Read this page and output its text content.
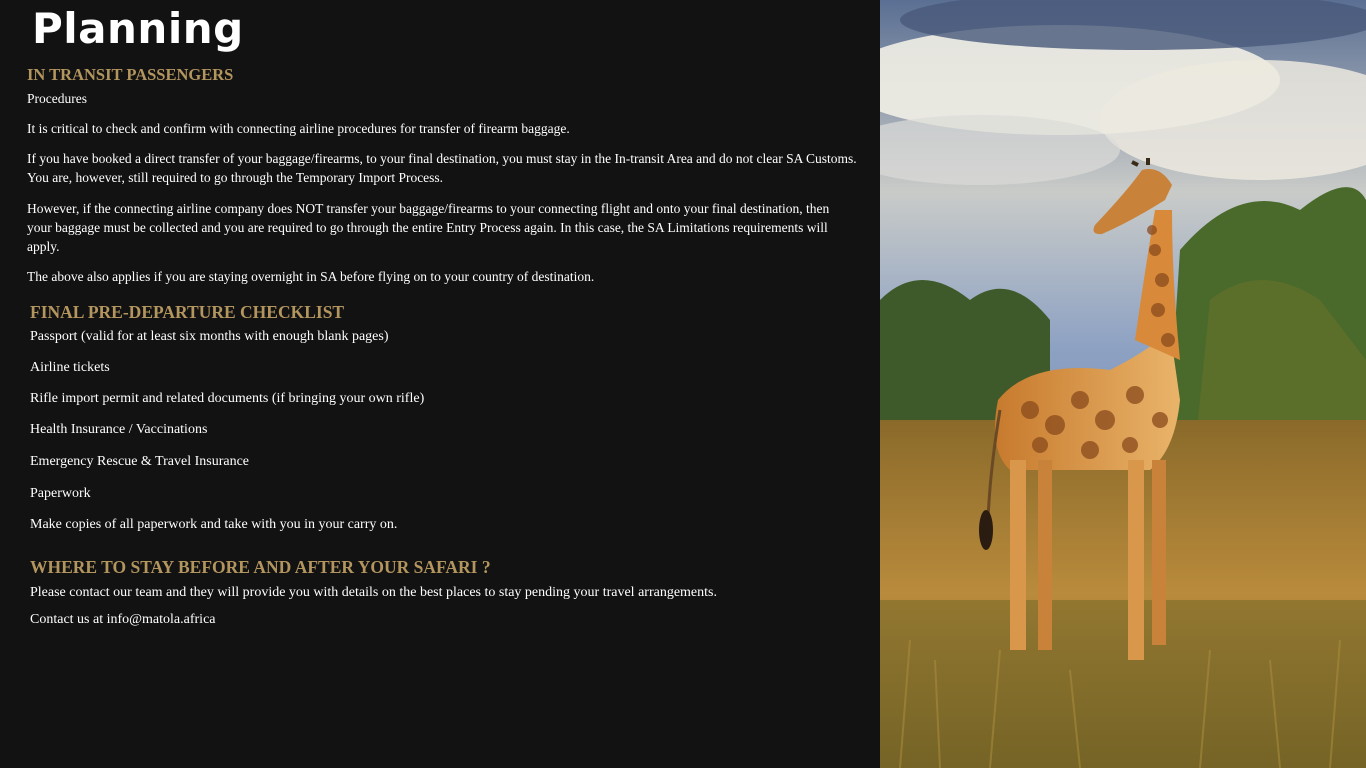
Planning
IN TRANSIT PASSENGERS

Procedures

It is critical to check and confirm with connecting airline procedures for transfer of firearm baggage.

If you have booked a direct transfer of your baggage/firearms, to your final destination, you must stay in the In-transit Area and do not clear SA Customs. You are, however, still required to go through the Temporary Import Process.

However, if the connecting airline company does NOT transfer your baggage/firearms to your connecting flight and onto your final destination, then your baggage must be collected and you are required to go through the entire Entry Process again. In this case, the SA Limitations requirements will apply.

The above also applies if you are staying overnight in SA before flying on to your country of destination.

FINAL PRE-DEPARTURE CHECKLIST

Passport (valid for at least six months with enough blank pages)

Airline tickets

Rifle import permit and related documents (if bringing your own rifle)

Health Insurance / Vaccinations

Emergency Rescue & Travel Insurance

Paperwork

Make copies of all paperwork and take with you in your carry on.

WHERE TO STAY BEFORE AND AFTER YOUR SAFARI ?

Please contact our team and they will provide you with details on the best places to stay pending your travel arrangements.

Contact us at info@matola.africa
